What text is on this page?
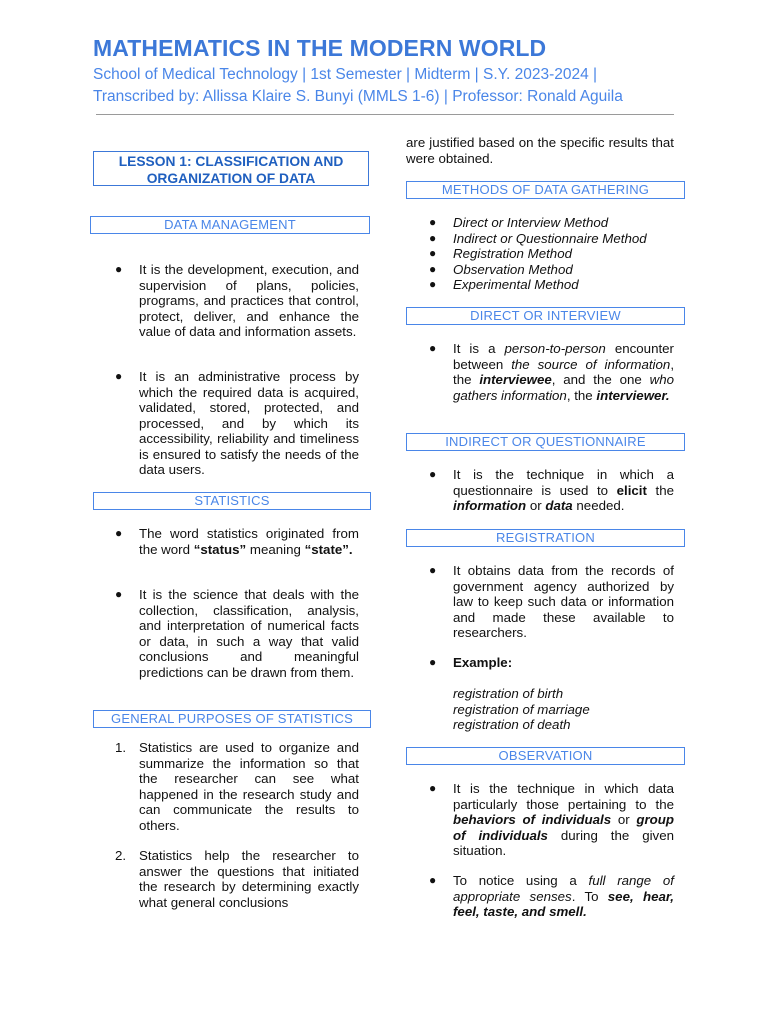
MATHEMATICS IN THE MODERN WORLD
School of Medical Technology | 1st Semester | Midterm | S.Y. 2023-2024 |
Transcribed by: Allissa Klaire S. Bunyi (MMLS 1-6) | Professor: Ronald Aguila
LESSON 1: CLASSIFICATION AND
ORGANIZATION OF DATA
DATA MANAGEMENT
● It is the development, execution, and supervision of plans, policies, programs, and practices that control, protect, deliver, and enhance the value of data and information assets.
● It is an administrative process by which the required data is acquired, validated, stored, protected, and processed, and by which its accessibility, reliability and timeliness is ensured to satisfy the needs of the data users.
STATISTICS
● The word statistics originated from the word “status” meaning “state”.
● It is the science that deals with the collection, classification, analysis, and interpretation of numerical facts or data, in such a way that valid conclusions and meaningful predictions can be drawn from them.
GENERAL PURPOSES OF STATISTICS
1. Statistics are used to organize and summarize the information so that the researcher can see what happened in the research study and can communicate the results to others.
2. Statistics help the researcher to answer the questions that initiated the research by determining exactly what general conclusions
are justified based on the specific results that were obtained.
METHODS OF DATA GATHERING
● Direct or Interview Method
● Indirect or Questionnaire Method
● Registration Method
● Observation Method
● Experimental Method
DIRECT OR INTERVIEW
● It is a person-to-person encounter between the source of information, the interviewee, and the one who gathers information, the interviewer.
INDIRECT OR QUESTIONNAIRE
● It is the technique in which a questionnaire is used to elicit the information or data needed.
REGISTRATION
● It obtains data from the records of government agency authorized by law to keep such data or information and made these available to researchers.
● Example:
registration of birth
registration of marriage
registration of death
OBSERVATION
● It is the technique in which data particularly those pertaining to the behaviors of individuals or group of individuals during the given situation.
● To notice using a full range of appropriate senses. To see, hear, feel, taste, and smell.
